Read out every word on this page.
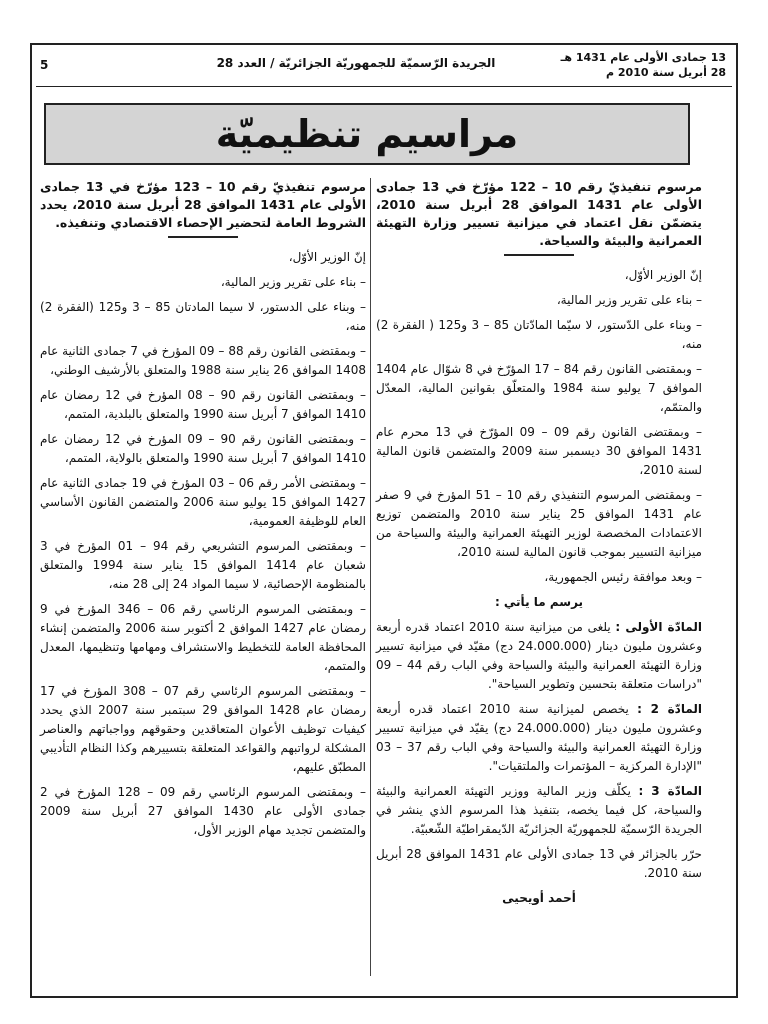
5	الجريدة الرّسميّة للجمهوريّة الجزائريّة / العدد 28	13 جمادى الأولى عام 1431 هـ
28 أبريل سنة 2010 م
مراسيم تنظيميّة

مرسوم تنفيذيّ رقم 10 – 122 مؤرّخ في 13 جمادى الأولى عام 1431 الموافق 28 أبريل سنة 2010، يتضمّن نقل اعتماد في ميزانية تسيير وزارة التهيئة العمرانية والبيئة والسياحة.

إنّ الوزير الأوّل،

– بناء على تقرير وزير المالية،

– وبناء على الدّستور، لا سيّما المادّتان 85 – 3 و125 ( الفقرة 2) منه،

– وبمقتضى القانون رقم 84 – 17 المؤرّخ في 8 شوّال عام 1404 الموافق 7 يوليو سنة 1984 والمتعلّق بقوانين المالية، المعدّل والمتمّم،

– وبمقتضى القانون رقم 09 – 09 المؤرّخ في 13 محرم عام 1431 الموافق 30 ديسمبر سنة 2009 والمتضمن قانون المالية لسنة 2010،

– وبمقتضى المرسوم التنفيذي رقم 10 – 51 المؤرخ في 9 صفر عام 1431 الموافق 25 يناير سنة 2010 والمتضمن توزيع الاعتمادات المخصصة لوزير التهيئة العمرانية والبيئة والسياحة من ميزانية التسيير بموجب قانون المالية لسنة 2010،

– وبعد موافقة رئيس الجمهورية،

يرسم ما يأتي :

المادّة الأولى : يلغى من ميزانية سنة 2010 اعتماد قدره أربعة وعشرون مليون دينار (24.000.000 دج) مقيّد في ميزانية تسيير وزارة التهيئة العمرانية والبيئة والسياحة وفي الباب رقم 44 – 09 "دراسات متعلقة بتحسين وتطوير السياحة".

المادّة 2 : يخصص لميزانية سنة 2010 اعتماد قدره أربعة وعشرون مليون دينار (24.000.000 دج) يقيّد في ميزانية تسيير وزارة التهيئة العمرانية والبيئة والسياحة وفي الباب رقم 37 – 03 "الإدارة المركزية – المؤتمرات والملتقيات".

المادّة 3 : يكلّف وزير المالية ووزير التهيئة العمرانية والبيئة والسياحة، كل فيما يخصه، بتنفيذ هذا المرسوم الذي ينشر في الجريدة الرّسميّة للجمهوريّة الجزائريّة الدّيمقراطيّة الشّعبيّة.

حرّر بالجزائر في 13 جمادى الأولى عام 1431 الموافق 28 أبريل سنة 2010.

أحمد أويحيى

مرسوم تنفيذيّ رقم 10 – 123 مؤرّخ في 13 جمادى الأولى عام 1431 الموافق 28 أبريل سنة 2010، يحدد الشروط العامة لتحضير الإحصاء الاقتصادي وتنفيذه.

إنّ الوزير الأوّل،

– بناء على تقرير وزير المالية،

– وبناء على الدستور، لا سيما المادتان 85 – 3 و125 (الفقرة 2) منه،

– وبمقتضى القانون رقم 88 – 09 المؤرخ في 7 جمادى الثانية عام 1408 الموافق 26 يناير سنة 1988 والمتعلق بالأرشيف الوطني،

– وبمقتضى القانون رقم 90 – 08 المؤرخ في 12 رمضان عام 1410 الموافق 7 أبريل سنة 1990 والمتعلق بالبلدية، المتمم،

– وبمقتضى القانون رقم 90 – 09 المؤرخ في 12 رمضان عام 1410 الموافق 7 أبريل سنة 1990 والمتعلق بالولاية، المتمم،

– وبمقتضى الأمر رقم 06 – 03 المؤرخ في 19 جمادى الثانية عام 1427 الموافق 15 يوليو سنة 2006 والمتضمن القانون الأساسي العام للوظيفة العمومية،

– وبمقتضى المرسوم التشريعي رقم 94 – 01 المؤرخ في 3 شعبان عام 1414 الموافق 15 يناير سنة 1994 والمتعلق بالمنظومة الإحصائية، لا سيما المواد 24 إلى 28 منه،

– وبمقتضى المرسوم الرئاسي رقم 06 – 346 المؤرخ في 9 رمضان عام 1427 الموافق 2 أكتوبر سنة 2006 والمتضمن إنشاء المحافظة العامة للتخطيط والاستشراف ومهامها وتنظيمها، المعدل والمتمم،

– وبمقتضى المرسوم الرئاسي رقم 07 – 308 المؤرخ في 17 رمضان عام 1428 الموافق 29 سبتمبر سنة 2007 الذي يحدد كيفيات توظيف الأعوان المتعاقدين وحقوقهم وواجباتهم والعناصر المشكلة لرواتبهم والقواعد المتعلقة بتسييرهم وكذا النظام التأديبي المطبّق عليهم،

– وبمقتضى المرسوم الرئاسي رقم 09 – 128 المؤرخ في 2 جمادى الأولى عام 1430 الموافق 27 أبريل سنة 2009 والمتضمن تجديد مهام الوزير الأول،
